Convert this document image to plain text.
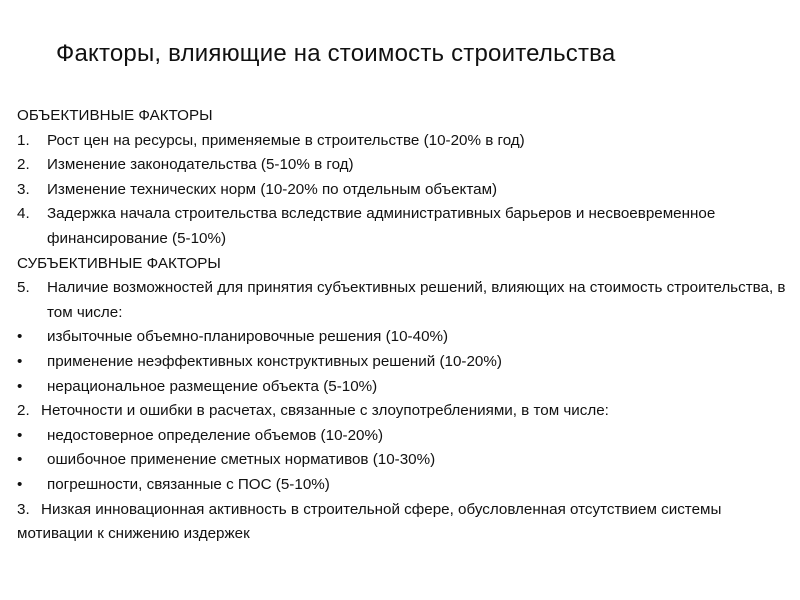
Факторы, влияющие на стоимость строительства
ОБЪЕКТИВНЫЕ ФАКТОРЫ
1.	Рост цен на ресурсы, применяемые в строительстве (10-20% в год)
2.	Изменение законодательства (5-10% в год)
3.	Изменение технических норм (10-20% по отдельным объектам)
4.	Задержка начала строительства вследствие административных барьеров и несвоевременное финансирование (5-10%)
СУБЪЕКТИВНЫЕ ФАКТОРЫ
5.	Наличие возможностей для принятия субъективных решений, влияющих на стоимость строительства, в том числе:
•	избыточные объемно-планировочные решения (10-40%)
•	применение неэффективных конструктивных решений (10-20%)
•	нерациональное размещение объекта (5-10%)
2. Неточности и ошибки в расчетах, связанные с злоупотреблениями, в том числе:
•	недостоверное определение объемов (10-20%)
•	ошибочное применение сметных нормативов (10-30%)
•	погрешности, связанные с ПОС (5-10%)
3. Низкая инновационная активность в строительной сфере, обусловленная отсутствием системы мотивации к снижению издержек
